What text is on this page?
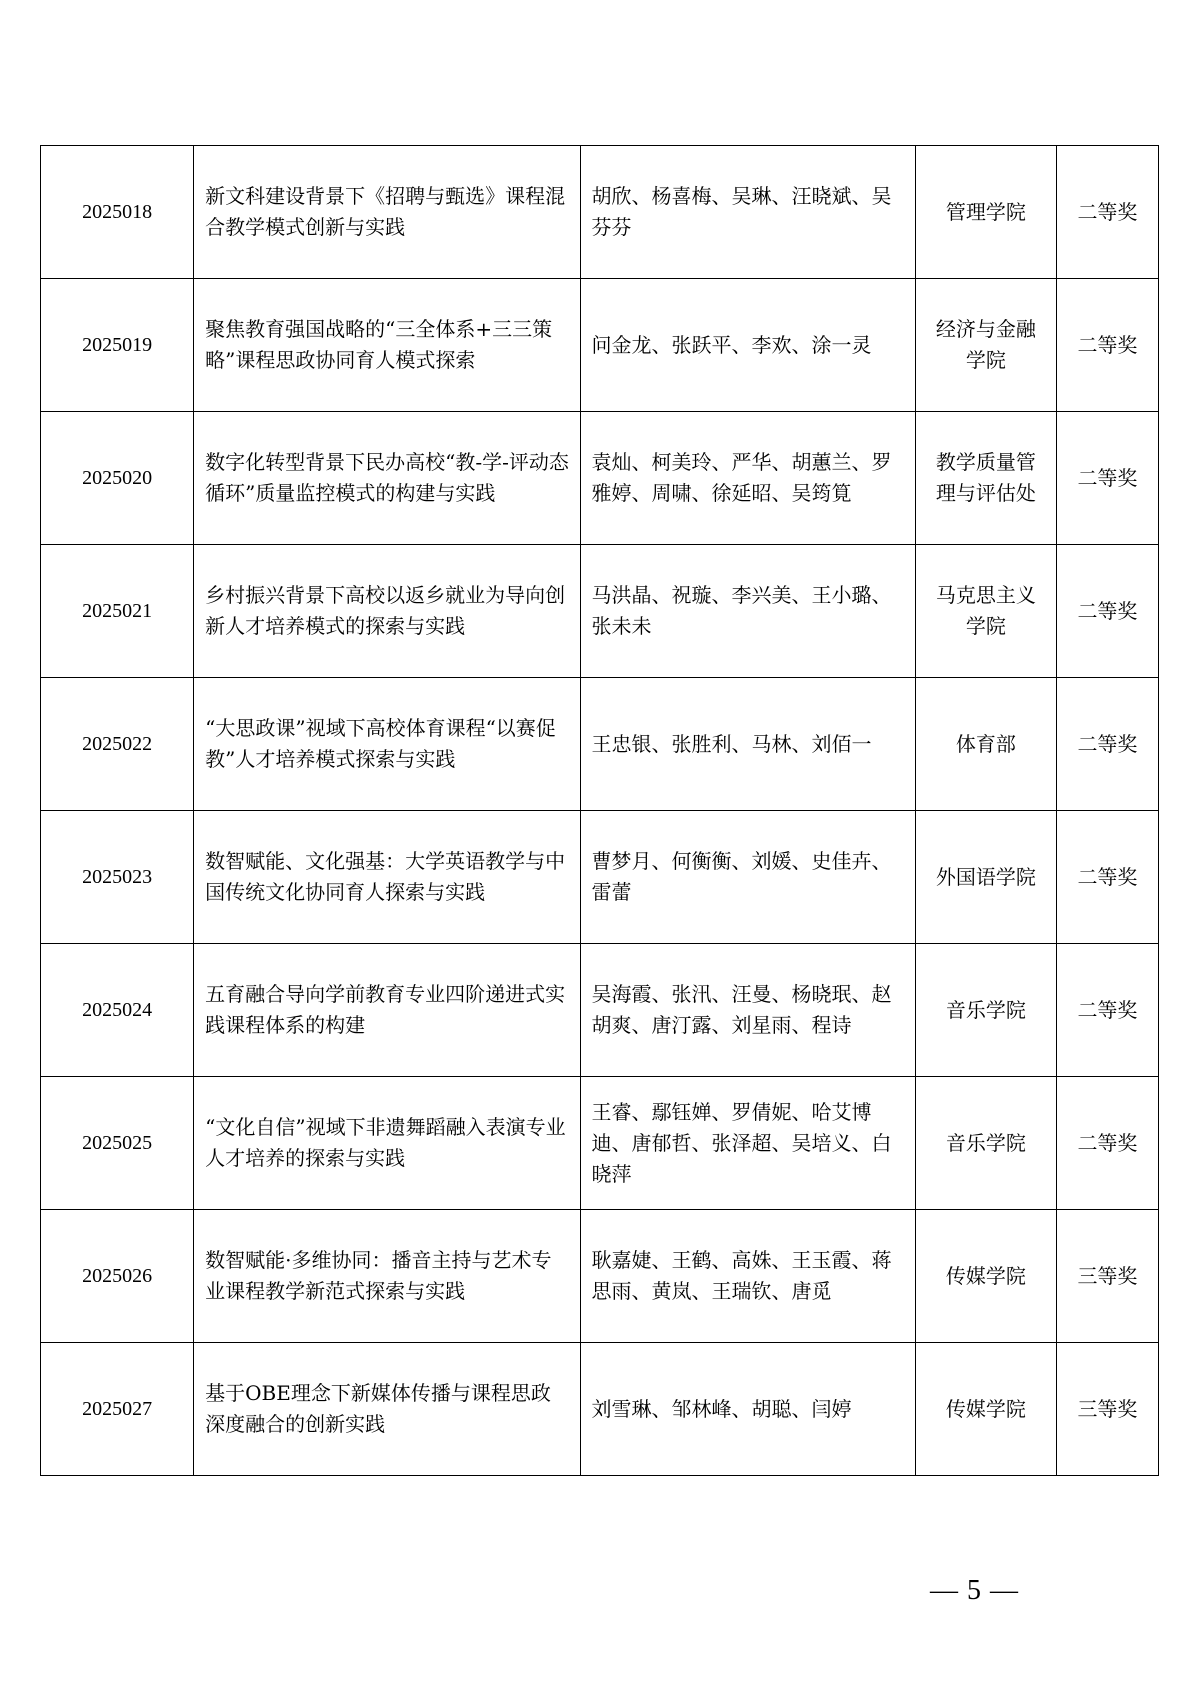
2025018	新文科建设背景下《招聘与甄选》课程混合教学模式创新与实践	胡欣、杨喜梅、吴琳、汪晓斌、吴芬芬	管理学院	二等奖
2025019	聚焦教育强国战略的“三全体系+三三策略”课程思政协同育人模式探索	问金龙、张跃平、李欢、涂一灵	经济与金融学院	二等奖
2025020	数字化转型背景下民办高校“教-学-评动态循环”质量监控模式的构建与实践	袁灿、柯美玲、严华、胡蕙兰、罗雅婷、周啸、徐延昭、吴筠筧	教学质量管理与评估处	二等奖
2025021	乡村振兴背景下高校以返乡就业为导向创新人才培养模式的探索与实践	马洪晶、祝璇、李兴美、王小璐、张未未	马克思主义学院	二等奖
2025022	“大思政课”视域下高校体育课程“以赛促教”人才培养模式探索与实践	王忠银、张胜利、马林、刘佰一	体育部	二等奖
2025023	数智赋能、文化强基：大学英语教学与中国传统文化协同育人探索与实践	曹梦月、何衡衡、刘媛、史佳卉、雷蕾	外国语学院	二等奖
2025024	五育融合导向学前教育专业四阶递进式实践课程体系的构建	吴海霞、张汛、汪曼、杨晓珉、赵胡爽、唐汀露、刘星雨、程诗	音乐学院	二等奖
2025025	“文化自信”视域下非遗舞蹈融入表演专业人才培养的探索与实践	王睿、鄢钰婵、罗倩妮、哈艾博迪、唐郁哲、张泽超、吴培义、白晓萍	音乐学院	二等奖
2025026	数智赋能·多维协同：播音主持与艺术专业课程教学新范式探索与实践	耿嘉婕、王鹤、高姝、王玉霞、蒋思雨、黄岚、王瑞钦、唐觅	传媒学院	三等奖
2025027	基于OBE理念下新媒体传播与课程思政深度融合的创新实践	刘雪琳、邹林峰、胡聪、闫婷	传媒学院	三等奖
— 5 —
